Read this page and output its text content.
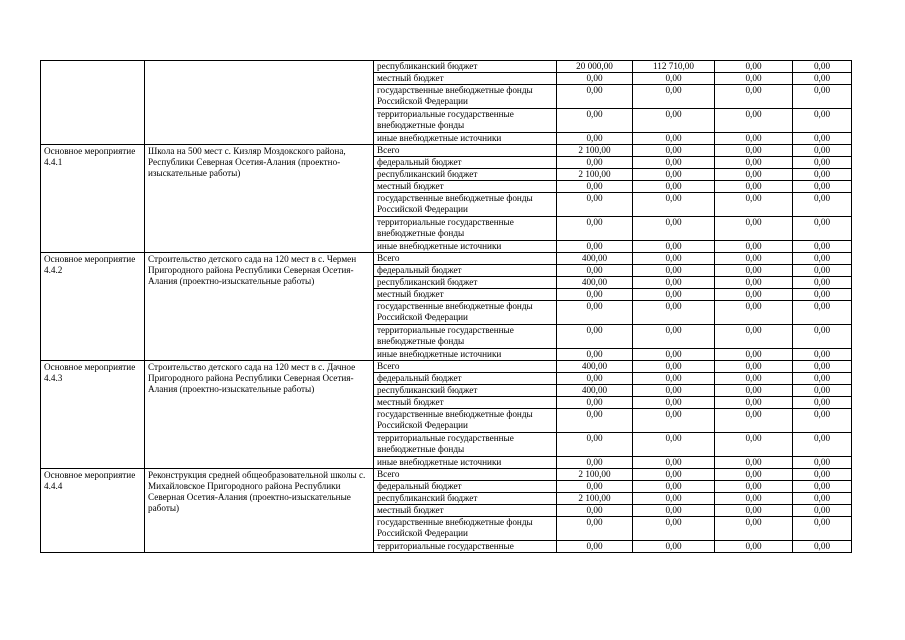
		республиканский бюджет	20 000,00	112 710,00	0,00	0,00
		местный бюджет	0,00	0,00	0,00	0,00
		государственные внебюджетные фонды Российской Федерации	0,00	0,00	0,00	0,00
		территориальные государственные внебюджетные фонды	0,00	0,00	0,00	0,00
		иные внебюджетные источники	0,00	0,00	0,00	0,00
Основное мероприятие 4.4.1	Школа на 500 мест с. Кизляр Моздокского района, Республики Северная Осетия-Алания (проектно-изыскательные работы)	Всего	2 100,00	0,00	0,00	0,00
		федеральный бюджет	0,00	0,00	0,00	0,00
		республиканский бюджет	2 100,00	0,00	0,00	0,00
		местный бюджет	0,00	0,00	0,00	0,00
		государственные внебюджетные фонды Российской Федерации	0,00	0,00	0,00	0,00
		территориальные государственные внебюджетные фонды	0,00	0,00	0,00	0,00
		иные внебюджетные источники	0,00	0,00	0,00	0,00
Основное мероприятие 4.4.2	Строительство детского сада на 120 мест в с. Чермен Пригородного района Республики Северная Осетия-Алания (проектно-изыскательные работы)	Всего	400,00	0,00	0,00	0,00
		федеральный бюджет	0,00	0,00	0,00	0,00
		республиканский бюджет	400,00	0,00	0,00	0,00
		местный бюджет	0,00	0,00	0,00	0,00
		государственные внебюджетные фонды Российской Федерации	0,00	0,00	0,00	0,00
		территориальные государственные внебюджетные фонды	0,00	0,00	0,00	0,00
		иные внебюджетные источники	0,00	0,00	0,00	0,00
Основное мероприятие 4.4.3	Строительство детского сада на 120 мест в с. Дачное Пригородного района Республики Северная Осетия-Алания (проектно-изыскательные работы)	Всего	400,00	0,00	0,00	0,00
		федеральный бюджет	0,00	0,00	0,00	0,00
		республиканский бюджет	400,00	0,00	0,00	0,00
		местный бюджет	0,00	0,00	0,00	0,00
		государственные внебюджетные фонды Российской Федерации	0,00	0,00	0,00	0,00
		территориальные государственные внебюджетные фонды	0,00	0,00	0,00	0,00
		иные внебюджетные источники	0,00	0,00	0,00	0,00
Основное мероприятие 4.4.4	Реконструкция средней общеобразовательной школы с. Михайловское Пригородного района Республики Северная Осетия-Алания (проектно-изыскательные работы)	Всего	2 100,00	0,00	0,00	0,00
		федеральный бюджет	0,00	0,00	0,00	0,00
		республиканский бюджет	2 100,00	0,00	0,00	0,00
		местный бюджет	0,00	0,00	0,00	0,00
		государственные внебюджетные фонды Российской Федерации	0,00	0,00	0,00	0,00
		территориальные государственные	0,00	0,00	0,00	0,00
